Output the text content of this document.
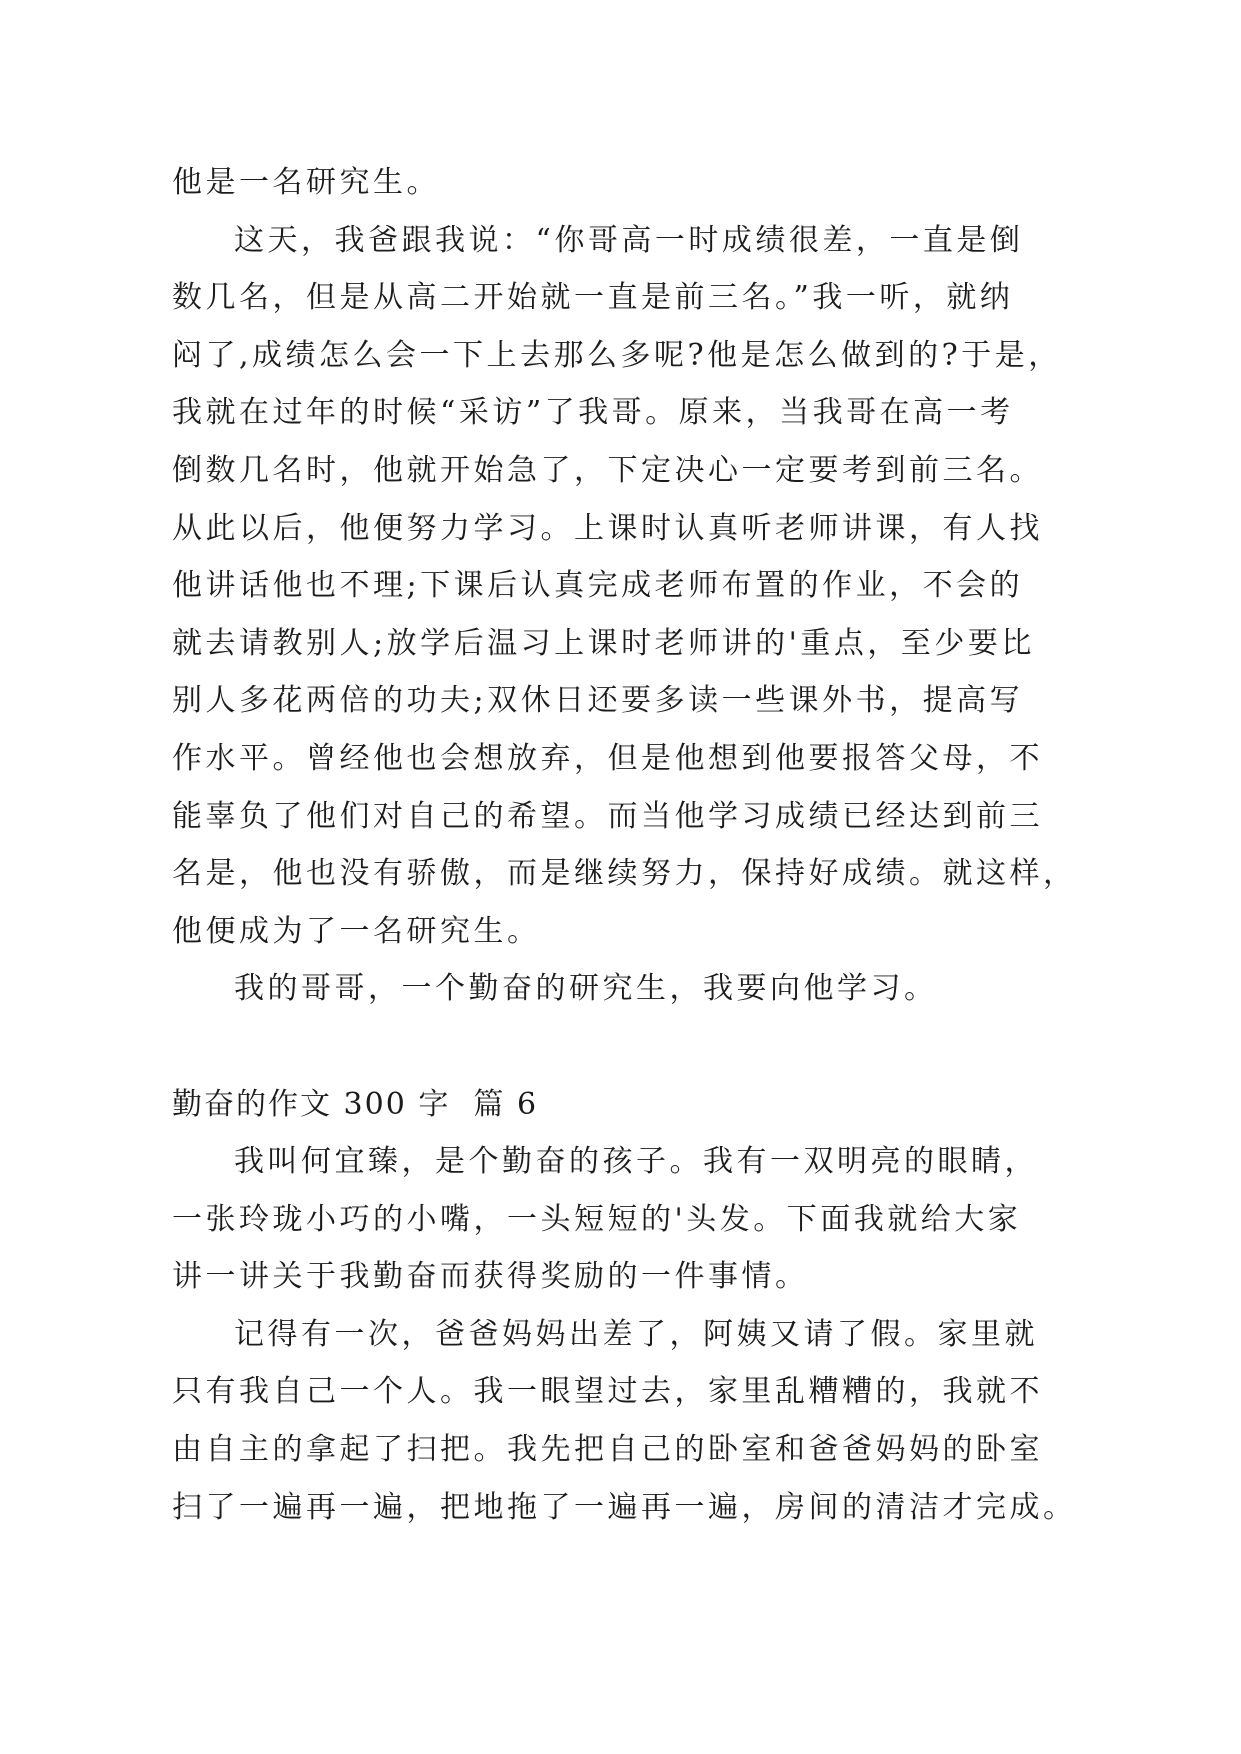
他是一名研究生。
这天，我爸跟我说：“你哥高一时成绩很差，一直是倒
数几名，但是从高二开始就一直是前三名。”我一听，就纳
闷了,成绩怎么会一下上去那么多呢?他是怎么做到的?于是，
我就在过年的时候“采访”了我哥。原来，当我哥在高一考
倒数几名时，他就开始急了，下定决心一定要考到前三名。
从此以后，他便努力学习。上课时认真听老师讲课，有人找
他讲话他也不理;下课后认真完成老师布置的作业，不会的
就去请教别人;放学后温习上课时老师讲的'重点，至少要比
别人多花两倍的功夫;双休日还要多读一些课外书，提高写
作水平。曾经他也会想放弃，但是他想到他要报答父母，不
能辜负了他们对自己的希望。而当他学习成绩已经达到前三
名是，他也没有骄傲，而是继续努力，保持好成绩。就这样，
他便成为了一名研究生。
我的哥哥，一个勤奋的研究生，我要向他学习。
勤奋的作文 300 字  篇 6
我叫何宜臻，是个勤奋的孩子。我有一双明亮的眼睛，
一张玲珑小巧的小嘴，一头短短的'头发。下面我就给大家
讲一讲关于我勤奋而获得奖励的一件事情。
记得有一次，爸爸妈妈出差了，阿姨又请了假。家里就
只有我自己一个人。我一眼望过去，家里乱糟糟的，我就不
由自主的拿起了扫把。我先把自己的卧室和爸爸妈妈的卧室
扫了一遍再一遍，把地拖了一遍再一遍，房间的清洁才完成。
